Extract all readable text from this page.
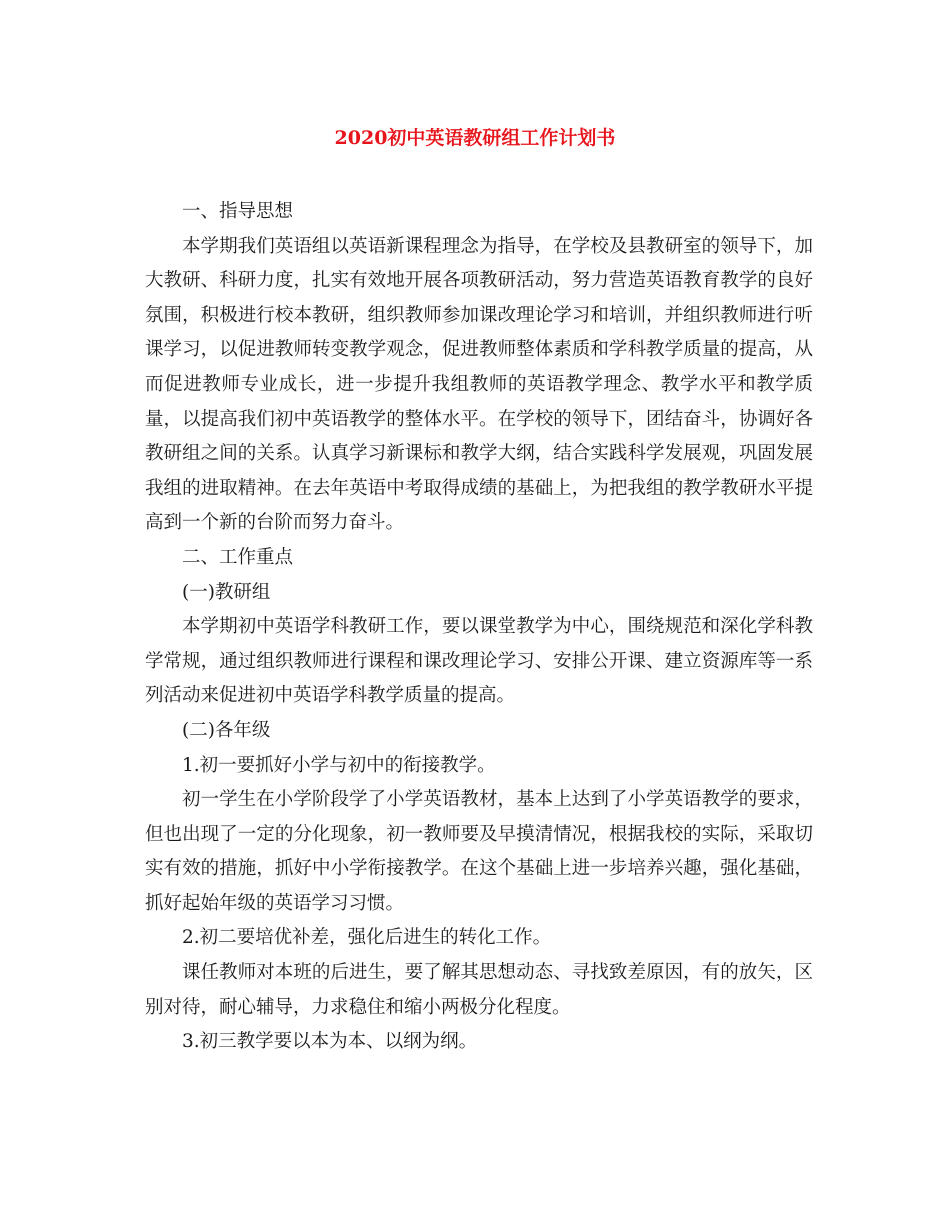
2020初中英语教研组工作计划书

一、指导思想

本学期我们英语组以英语新课程理念为指导，在学校及县教研室的领导下，加大教研、科研力度，扎实有效地开展各项教研活动，努力营造英语教育教学的良好氛围，积极进行校本教研，组织教师参加课改理论学习和培训，并组织教师进行听课学习，以促进教师转变教学观念，促进教师整体素质和学科教学质量的提高，从而促进教师专业成长，进一步提升我组教师的英语教学理念、教学水平和教学质量，以提高我们初中英语教学的整体水平。在学校的领导下，团结奋斗，协调好各教研组之间的关系。认真学习新课标和教学大纲，结合实践科学发展观，巩固发展我组的进取精神。在去年英语中考取得成绩的基础上，为把我组的教学教研水平提高到一个新的台阶而努力奋斗。

二、工作重点

(一)教研组

本学期初中英语学科教研工作，要以课堂教学为中心，围绕规范和深化学科教学常规，通过组织教师进行课程和课改理论学习、安排公开课、建立资源库等一系列活动来促进初中英语学科教学质量的提高。

(二)各年级

1.初一要抓好小学与初中的衔接教学。

初一学生在小学阶段学了小学英语教材，基本上达到了小学英语教学的要求，但也出现了一定的分化现象，初一教师要及早摸清情况，根据我校的实际，采取切实有效的措施，抓好中小学衔接教学。在这个基础上进一步培养兴趣，强化基础，抓好起始年级的英语学习习惯。

2.初二要培优补差，强化后进生的转化工作。

课任教师对本班的后进生，要了解其思想动态、寻找致差原因，有的放矢，区别对待，耐心辅导，力求稳住和缩小两极分化程度。

3.初三教学要以本为本、以纲为纲。
